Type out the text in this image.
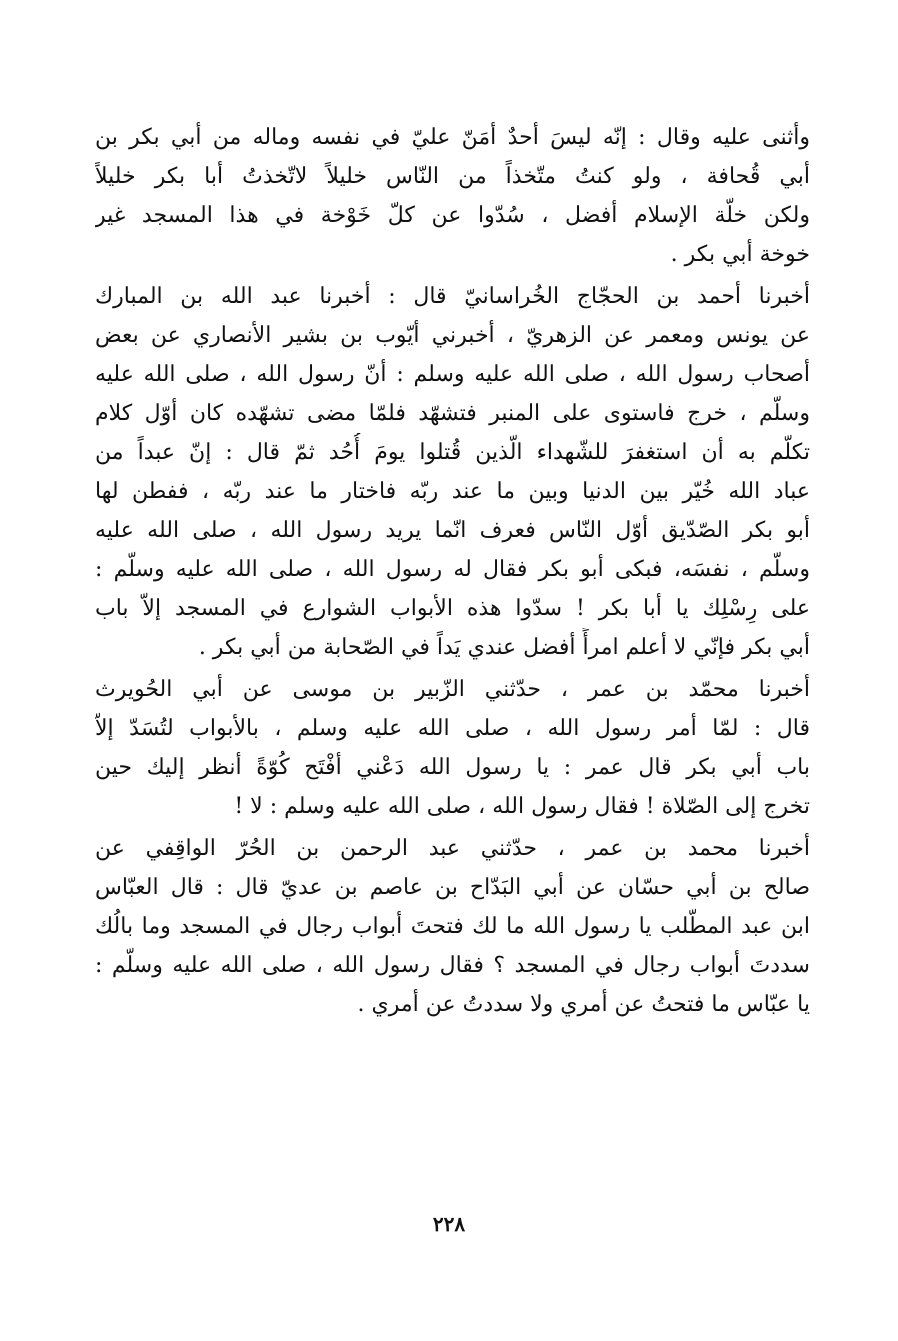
وأثنى عليه وقال : إنّه ليسَ أحدٌ أمَنّ عليّ في نفسه وماله من أبي بكر بن
أبي قُحافة ، ولو كنتُ متّخذاً من النّاس خليلاً لاتّخذتُ أبا بكر خليلاً
ولكن خلّة الإسلام أفضل ، سُدّوا عن كلّ خَوْخة في هذا المسجد غير
خوخة أبي بكر .
أخبرنا أحمد بن الحجّاج الخُراسانيّ قال : أخبرنا عبد الله بن المبارك
عن يونس ومعمر عن الزهريّ ، أخبرني أيّوب بن بشير الأنصاري عن بعض
أصحاب رسول الله ، صلى الله عليه وسلم : أنّ رسول الله ، صلى الله عليه
وسلّم ، خرج فاستوى على المنبر فتشهّد فلمّا مضى تشهّده كان أوّل كلام
تكلّم به أن استغفرَ للشّهداء الّذين قُتلوا يومَ أُحُد ثمّ قال : إنّ عبداً من
عباد الله خُيّر بين الدنيا وبين ما عند ربّه فاختار ما عند ربّه ، ففطن لها
أبو بكر الصّدّيق أوّل النّاس فعرف انّما يريد رسول الله ، صلى الله عليه
وسلّم ، نفسَه، فبكى أبو بكر فقال له رسول الله ، صلى الله عليه وسلّم :
على رِسْلِك يا أبا بكر ! سدّوا هذه الأبواب الشوارع في المسجد إلاّ باب
أبي بكر فإنّي لا أعلم امرأً أفضل عندي يَداً في الصّحابة من أبي بكر .
أخبرنا محمّد بن عمر ، حدّثني الزّبير بن موسى عن أبي الحُويرث
قال : لمّا أمر رسول الله ، صلى الله عليه وسلم ، بالأبواب لتُسَدّ إلاّ
باب أبي بكر قال عمر : يا رسول الله دَعْني أفْتَح كُوّةً أنظر إليك حين
تخرج إلى الصّلاة ! فقال رسول الله ، صلى الله عليه وسلم : لا !
أخبرنا محمد بن عمر ، حدّثني عبد الرحمن بن الحُرّ الواقِفي عن
صالح بن أبي حسّان عن أبي البَدّاح بن عاصم بن عديّ قال : قال العبّاس
ابن عبد المطّلب يا رسول الله ما لك فتحتَ أبواب رجال في المسجد وما بالُك
سددتَ أبواب رجال في المسجد ؟ فقال رسول الله ، صلى الله عليه وسلّم :
يا عبّاس ما فتحتُ عن أمري ولا سددتُ عن أمري .
٢٢٨
